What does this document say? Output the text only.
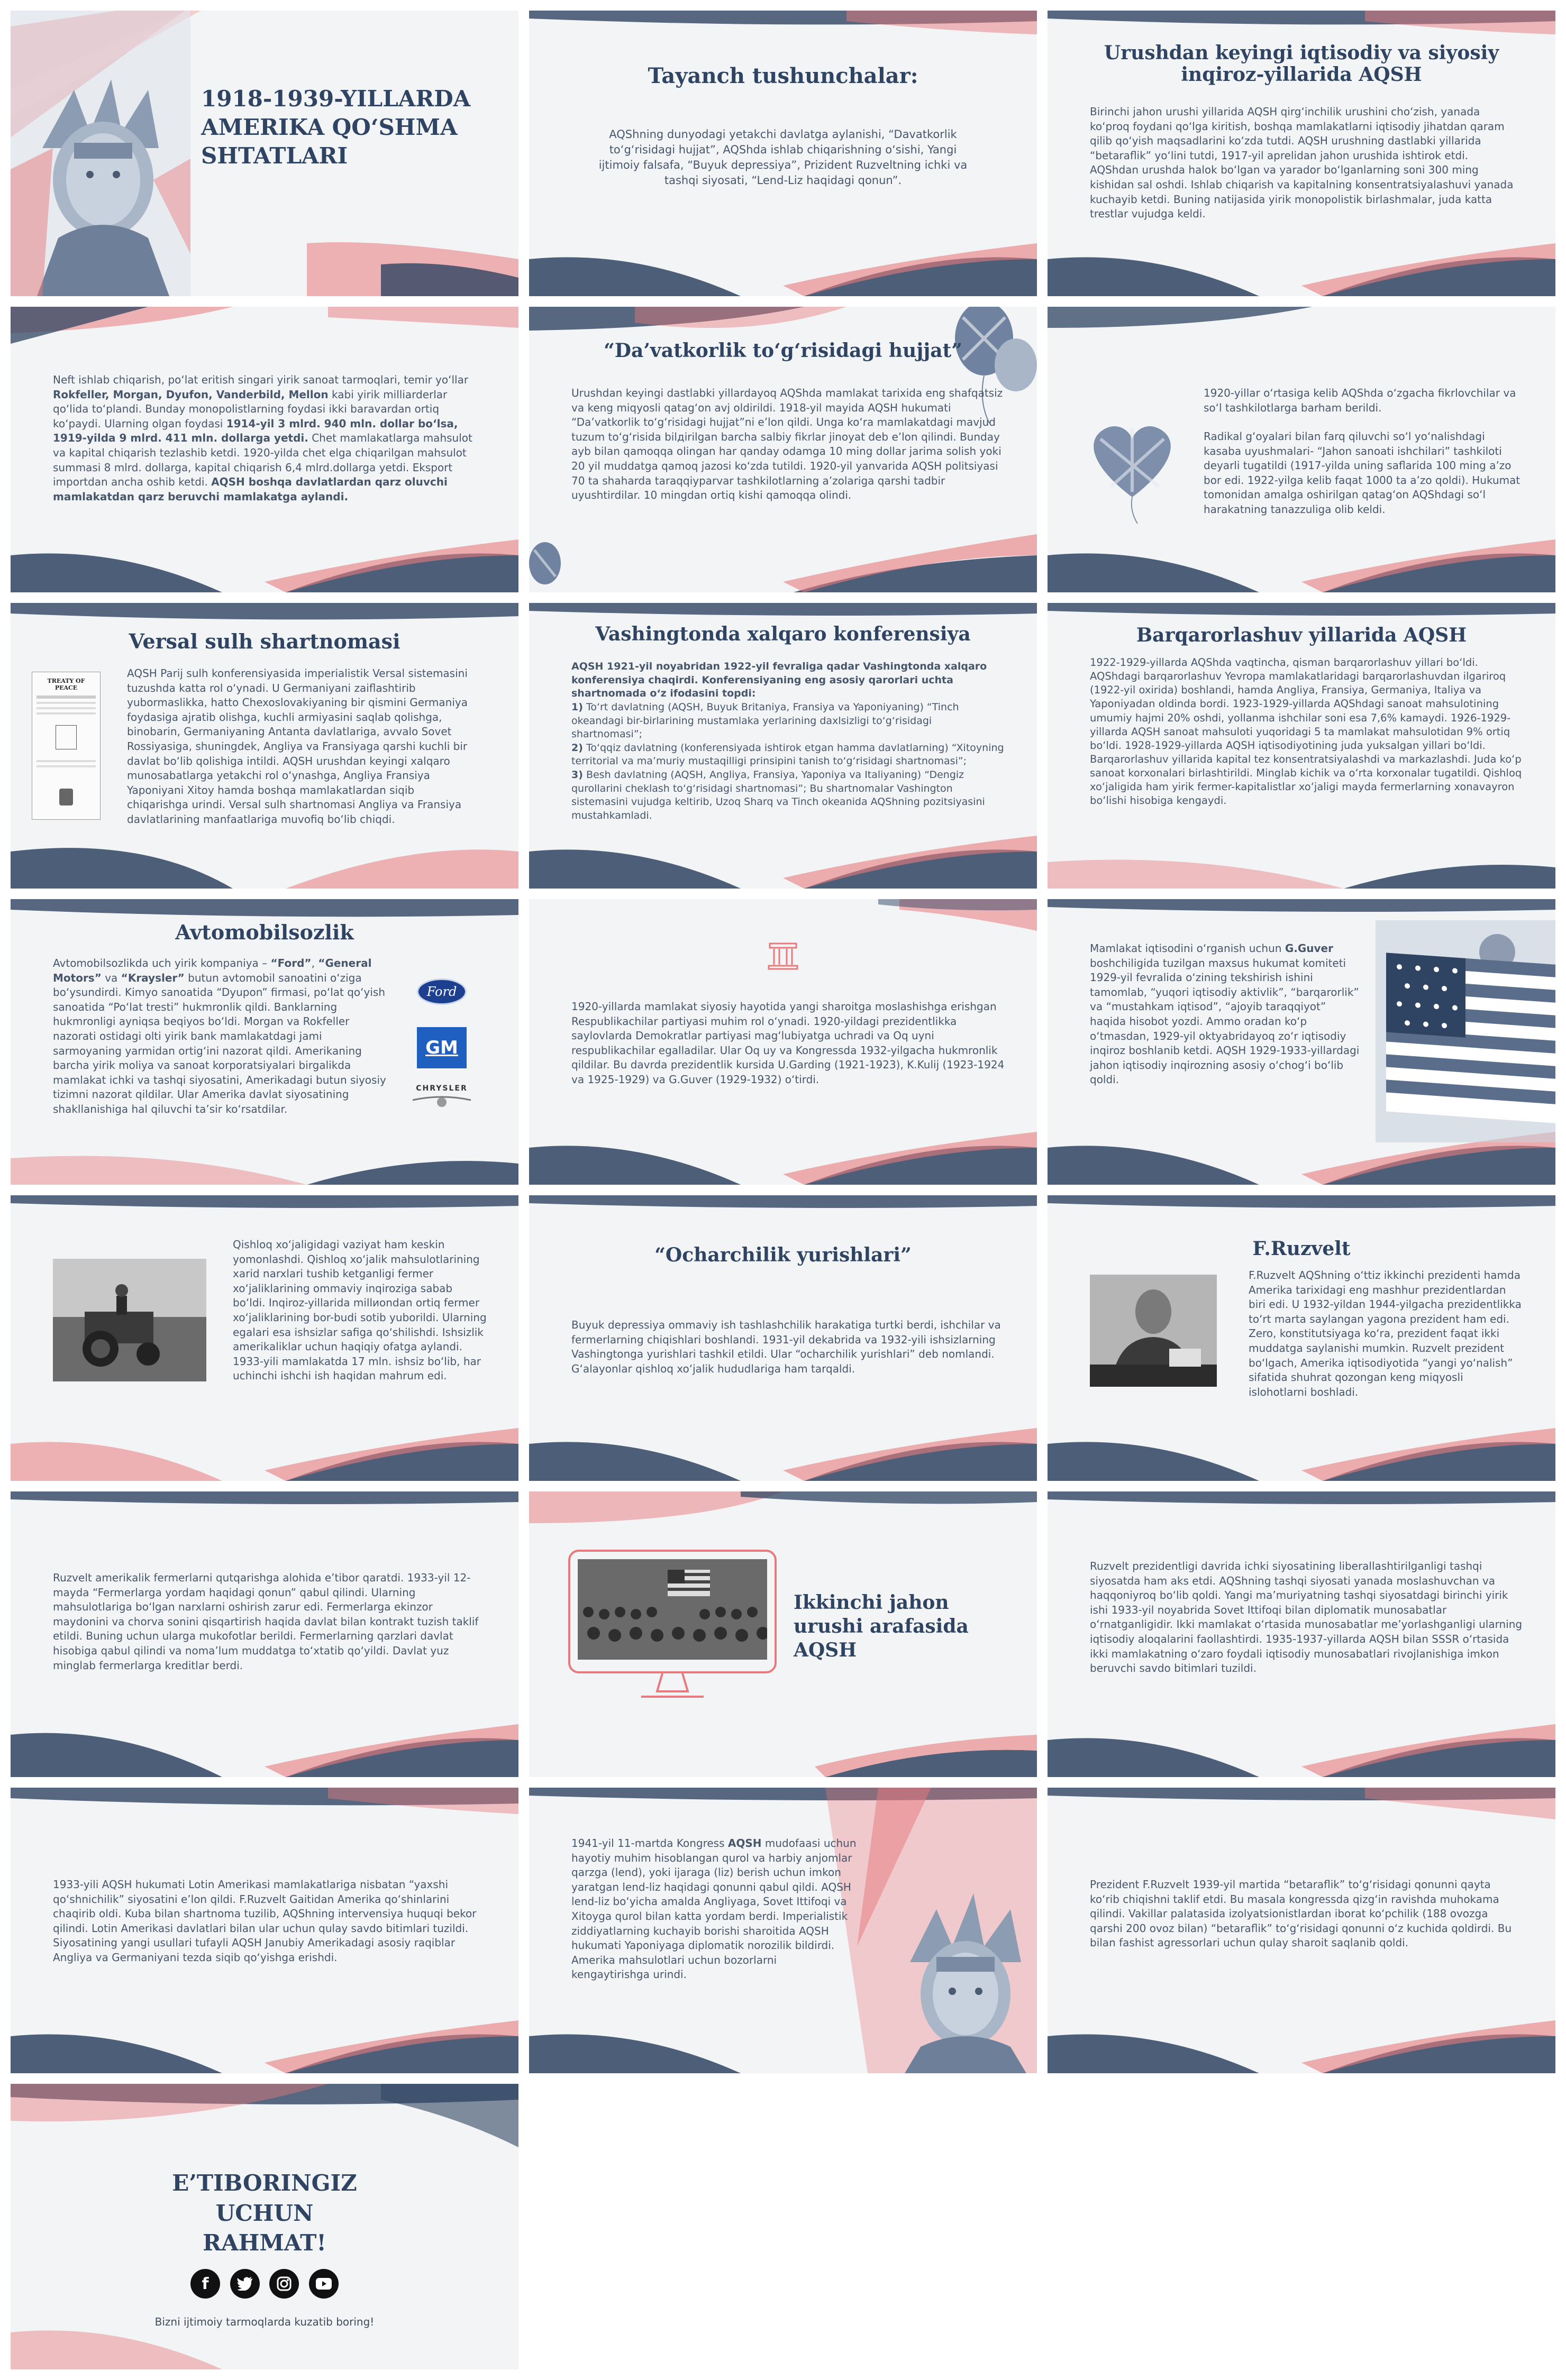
1918-1939-YILLARDA AMERIKA QO‘SHMA SHTATLARI
Tayanch tushunchalar:
AQShning dunyodagi yetakchi davlatga aylanishi, “Davatkorlik to‘g‘risidagi hujjat”, AQShda ishlab chiqarishning o‘sishi, Yangi ijtimoiy falsafa, “Buyuk depressiya”, Prizident Ruzveltning ichki va tashqi siyosati, “Lend-Liz haqidagi qonun”.
Urushdan keyingi iqtisodiy va siyosiy inqiroz-yillarida AQSH
Birinchi jahon urushi yillarida AQSH qirg‘inchilik urushini cho‘zish, yanada ko‘proq foydani qo‘lga kiritish, boshqa mamlakatlarni iqtisodiy jihatdan qaram qilib qo‘yish maqsadlarini ko‘zda tutdi. AQSH urushning dastlabki yillarida “betaraflik” yo‘lini tutdi, 1917-yil aprelidan jahon urushida ishtirok etdi. AQShdan urushda halok bo‘lgan va yarador bo‘lganlarning soni 300 ming kishidan sal oshdi. Ishlab chiqarish va kapitalning konsentratsiyalashuvi yanada kuchayib ketdi. Buning natijasida yirik monopolistik birlashmalar, juda katta trestlar vujudga keldi.
Neft ishlab chiqarish, po‘lat eritish singari yirik sanoat tarmoqlari, temir yo‘llar Rokfeller, Morgan, Dyufon, Vanderbild, Mellon kabi yirik milliarderlar qo‘lida to‘plandi. Bunday monopolistlarning foydasi ikki baravardan ortiq ko‘paydi. Ularning olgan foydasi 1914-yil 3 mlrd. 940 mln. dollar bo‘lsa, 1919-yilda 9 mlrd. 411 mln. dollarga yetdi. Chet mamlakatlarga mahsulot va kapital chiqarish tezlashib ketdi. 1920-yilda chet elga chiqarilgan mahsulot summasi 8 mlrd. dollarga, kapital chiqarish 6,4 mlrd.dollarga yetdi. Eksport importdan ancha oshib ketdi. AQSH boshqa davlatlardan qarz oluvchi mamlakatdan qarz beruvchi mamlakatga aylandi.
“Da’vatkorlik to‘g‘risidagi hujjat”
Urushdan keyingi dastlabki yillardayoq AQShda mamlakat tarixida eng shafqatsiz va keng miqyosli qatag‘on avj oldirildi. 1918-yil mayida AQSH hukumati “Da’vatkorlik to‘g‘risidagi hujjat”ni e’lon qildi. Unga ko‘ra mamlakatdagi mavjud tuzum to‘g‘risida bilдirilgan barcha salbiy fikrlar jinoyat deb e’lon qilindi. Bunday ayb bilan qamoqqa olingan har qanday odamga 10 ming dollar jarima solish yoki 20 yil muddatga qamoq jazosi ko‘zda tutildi. 1920-yil yanvarida AQSH politsiyasi 70 ta shaharda taraqqiyparvar tashkilotlarning a’zolariga qarshi tadbir uyushtirdilar. 10 mingdan ortiq kishi qamoqqa olindi.
1920-yillar o‘rtasiga kelib AQShda o‘zgacha fikrlovchilar va so‘l tashkilotlarga barham berildi.
Radikal g‘oyalari bilan farq qiluvchi so‘l yo‘nalishdagi kasaba uyushmalari- “Jahon sanoati ishchilari” tashkiloti deyarli tugatildi (1917-yilda uning saflarida 100 ming a’zo bor edi. 1922-yilga kelib faqat 1000 ta a’zo qoldi). Hukumat tomonidan amalga oshirilgan qatag‘on AQShdagi so‘l harakatning tanazzuliga olib keldi.
Versal sulh shartnomasi
TREATY OF PEACE
AQSH Parij sulh konferensiyasida imperialistik Versal sistemasini tuzushda katta rol o‘ynadi. U Germaniyani zaiflashtirib yubormaslikka, hatto Chexoslovakiyaning bir qismini Germaniya foydasiga ajratib olishga, kuchli armiyasini saqlab qolishga, binobarin, Germaniyaning Antanta davlatlariga, avvalo Sovet Rossiyasiga, shuningdek, Angliya va Fransiyaga qarshi kuchli bir davlat bo‘lib qolishiga intildi. AQSH urushdan keyingi xalqaro munosabatlarga yetakchi rol o‘ynashga, Angliya Fransiya Yaponiyani Xitoy hamda boshqa mamlakatlardan siqib chiqarishga urindi. Versal sulh shartnomasi Angliya va Fransiya davlatlarining manfaatlariga muvofiq bo‘lib chiqdi.
Vashingtonda xalqaro konferensiya
AQSH 1921-yil noyabridan 1922-yil fevraliga qadar Vashingtonda xalqaro konferensiya chaqirdi. Konferensiyaning eng asosiy qarorlari uchta shartnomada o‘z ifodasini topdi:
1) To‘rt davlatning (AQSH, Buyuk Britaniya, Fransiya va Yaponiyaning) “Tinch okeandagi bir-birlarining mustamlaka yerlarining daxlsizligi to‘g‘risidagi shartnomasi”;
2) To‘qqiz davlatning (konferensiyada ishtirok etgan hamma davlatlarning) “Xitoyning territorial va ma’muriy mustaqilligi prinsipini tanish to‘g‘risidagi shartnomasi”;
3) Besh davlatning (AQSH, Angliya, Fransiya, Yaponiya va Italiyaning) “Dengiz qurollarini cheklash to‘g‘risidagi shartnomasi”; Bu shartnomalar Vashington sistemasini vujudga keltirib, Uzoq Sharq va Tinch okeanida AQShning pozitsiyasini mustahkamladi.
Barqarorlashuv yillarida AQSH
1922-1929-yillarda AQShda vaqtincha, qisman barqarorlashuv yillari bo‘ldi. AQShdagi barqarorlashuv Yevropa mamlakatlaridagi barqarorlashuvdan ilgariroq (1922-yil oxirida) boshlandi, hamda Angliya, Fransiya, Germaniya, Italiya va Yaponiyadan oldinda bordi. 1923-1929-yillarda AQShdagi sanoat mahsulotining umumiy hajmi 20% oshdi, yollanma ishchilar soni esa 7,6% kamaydi. 1926-1929-yillarda AQSH sanoat mahsuloti yuqoridagi 5 ta mamlakat mahsulotidan 9% ortiq bo‘ldi. 1928-1929-yillarda AQSH iqtisodiyotining juda yuksalgan yillari bo‘ldi. Barqarorlashuv yillarida kapital tez konsentratsiyalashdi va markazlashdi. Juda ko‘p sanoat korxonalari birlashtirildi. Minglab kichik va o‘rta korxonalar tugatildi. Qishloq xo‘jaligida ham yirik fermer-kapitalistlar xo‘jaligi mayda fermerlarning xonavayron bo‘lishi hisobiga kengaydi.
Avtomobilsozlik
Avtomobilsozlikda uch yirik kompaniya – “Ford”, “General Motors” va “Krayslеr” butun avtomobil sanoatini o‘ziga bo‘ysundirdi. Kimyo sanoatida “Dyupon” firmasi, po‘lat qo‘yish sanoatida “Po‘lat tresti” hukmronlik qildi. Banklarning hukmronligi ayniqsa beqiyos bo‘ldi. Morgan va Rokfeller nazorati ostidagi olti yirik bank mamlakatdagi jami sarmoyaning yarmidan ortig‘ini nazorat qildi. Amerikaning barcha yirik moliya va sanoat korporatsiyalari birgalikda mamlakat ichki va tashqi siyosatini, Amerikadagi butun siyosiy tizimni nazorat qildilar. Ular Amerika davlat siyosatining shakllanishiga hal qiluvchi ta’sir ko‘rsatdilar.
Ford
GM
CHRYSLER
1920-yillarda mamlakat siyosiy hayotida yangi sharoitga moslashishga erishgan Respublikachilar partiyasi muhim rol o‘ynadi. 1920-yildagi prezidentlikka saylovlarda Demokratlar partiyasi mag‘lubiyatga uchradi va Oq uyni respublikachilar egalladilar. Ular Oq uy va Kongressda 1932-yilgacha hukmronlik qildilar. Bu davrda prezidentlik kursida U.Garding (1921-1923), K.Kulij (1923-1924 va 1925-1929) va G.Guver (1929-1932) o‘tirdi.
Mamlakat iqtisodini o‘rganish uchun G.Guver boshchiligida tuzilgan maxsus hukumat komiteti 1929-yil fevralida o‘zining tekshirish ishini tamomlab, “yuqori iqtisodiy aktivlik”, “barqarorlik” va “mustahkam iqtisod”, “ajoyib taraqqiyot” haqida hisobot yozdi. Ammo oradan ko‘p o‘tmasdan, 1929-yil oktyabridayoq zo‘r iqtisodiy inqiroz boshlanib ketdi. AQSH 1929-1933-yillardagi jahon iqtisodiy inqirozning asosiy o‘chog‘i bo‘lib qoldi.
Qishloq xo‘jaligidagi vaziyat ham keskin yomonlashdi. Qishloq xo‘jalik mahsulotlarining xarid narxlari tushib ketganligi fermer xo‘jaliklarining ommaviy inqiroziga sabab bo‘ldi. Inqiroz-yillarida millиondan ortiq fermer xo‘jaliklarining bor-budi sotib yuborildi. Ularning egalari esa ishsizlar safiga qo‘shilishdi. Ishsizlik amerikaliklar uchun haqiqiy ofatga aylandi. 1933-yili mamlakatda 17 mln. ishsiz bo‘lib, har uchinchi ishchi ish haqidan mahrum edi.
“Ocharchilik yurishlari”
Buyuk depressiya ommaviy ish tashlashchilik harakatiga turtki berdi, ishchilar va fermerlarning chiqishlari boshlandi. 1931-yil dekabrida va 1932-yili ishsizlarning Vashingtonga yurishlari tashkil etildi. Ular “ocharchilik yurishlari” deb nomlandi. G‘alayonlar qishloq xo‘jalik hududlariga ham tarqaldi.
F.Ruzvelt
F.Ruzvelt AQShning o‘ttiz ikkinchi prezidenti hamda Amerika tarixidagi eng mashhur prezidentlardan biri edi. U 1932-yildan 1944-yilgacha prezidentlikka to‘rt marta saylangan yagona prezident ham edi. Zero, konstitutsiyaga ko‘ra, prezident faqat ikki muddatga saylanishi mumkin. Ruzvelt prezident bo‘lgach, Amerika iqtisodiyotida “yangi yo‘nalish” sifatida shuhrat qozongan keng miqyosli islohotlarni boshladi.
Ruzvelt amerikalik fermerlarni qutqarishga alohida e’tibor qaratdi. 1933-yil 12-mayda “Fermerlarga yordam haqidagi qonun” qabul qilindi. Ularning mahsulotlariga bo‘lgan narxlarni oshirish zarur edi. Fermerlarga ekinzor maydonini va chorva sonini qisqartirish haqida davlat bilan kontrakt tuzish taklif etildi. Buning uchun ularga mukofotlar berildi. Fermerlarning qarzlari davlat hisobiga qabul qilindi va noma’lum muddatga to‘xtatib qo‘yildi. Davlat yuz minglab fermerlarga kreditlar berdi.
Ikkinchi jahon urushi arafasida AQSH
Ruzvelt prezidentligi davrida ichki siyosatining liberallashtirilganligi tashqi siyosatda ham aks etdi. AQShning tashqi siyosati yanada moslashuvchan va haqqoniyroq bo‘lib qoldi. Yangi ma’muriyatning tashqi siyosatdagi birinchi yirik ishi 1933-yil noyabrida Sovet Ittifoqi bilan diplomatik munosabatlar o‘rnatganligidir. Ikki mamlakat o‘rtasida munosabatlar me’yorlashganligi ularning iqtisodiy aloqalarini faollashtirdi. 1935-1937-yillarda AQSH bilan SSSR o‘rtasida ikki mamlakatning o‘zaro foydali iqtisodiy munosabatlari rivojlanishiga imkon beruvchi savdo bitimlari tuzildi.
1933-yili AQSH hukumati Lotin Amerikasi mamlakatlariga nisbatan “yaxshi qo‘shnichilik” siyosatini e’lon qildi. F.Ruzvelt Gaitidan Amerika qo‘shinlarini chaqirib oldi. Kuba bilan shartnoma tuzilib, AQShning intervensiya huquqi bekor qilindi. Lotin Amerikasi davlatlari bilan ular uchun qulay savdo bitimlari tuzildi. Siyosatining yangi usullari tufayli AQSH Janubiy Amerikadagi asosiy raqiblar Angliya va Germaniyani tezda siqib qo‘yishga erishdi.
1941-yil 11-martda Kongress AQSH mudofaasi uchun hayotiy muhim hisoblangan qurol va harbiy anjomlar qarzga (lend), yoki ijaraga (liz) berish uchun imkon yaratgan lend-liz haqidagi qonunni qabul qildi. AQSH lend-liz bo‘yicha amalda Angliyaga, Sovet Ittifoqi va Xitoyga qurol bilan katta yordam berdi. Imperialistik ziddiyatlarning kuchayib borishi sharoitida AQSH hukumati Yaponiyaga diplomatik norozilik bildirdi. Amerika mahsulotlari uchun bozorlarni kengaytirishga urindi.
Prezident F.Ruzvelt 1939-yil martida “betaraflik” to‘g‘risidagi qonunni qayta ko‘rib chiqishni taklif etdi. Bu masala kongressda qizg‘in ravishda muhokama qilindi. Vakillar palatasida izolyatsionistlardan iborat ko‘pchilik (188 ovozga qarshi 200 ovoz bilan) “betaraflik” to‘g‘risidagi qonunni o‘z kuchida qoldirdi. Bu bilan fashist agressorlari uchun qulay sharoit saqlanib qoldi.
E’TIBORINGIZ UCHUN RAHMAT!
f
Bizni ijtimoiy tarmoqlarda kuzatib boring!
